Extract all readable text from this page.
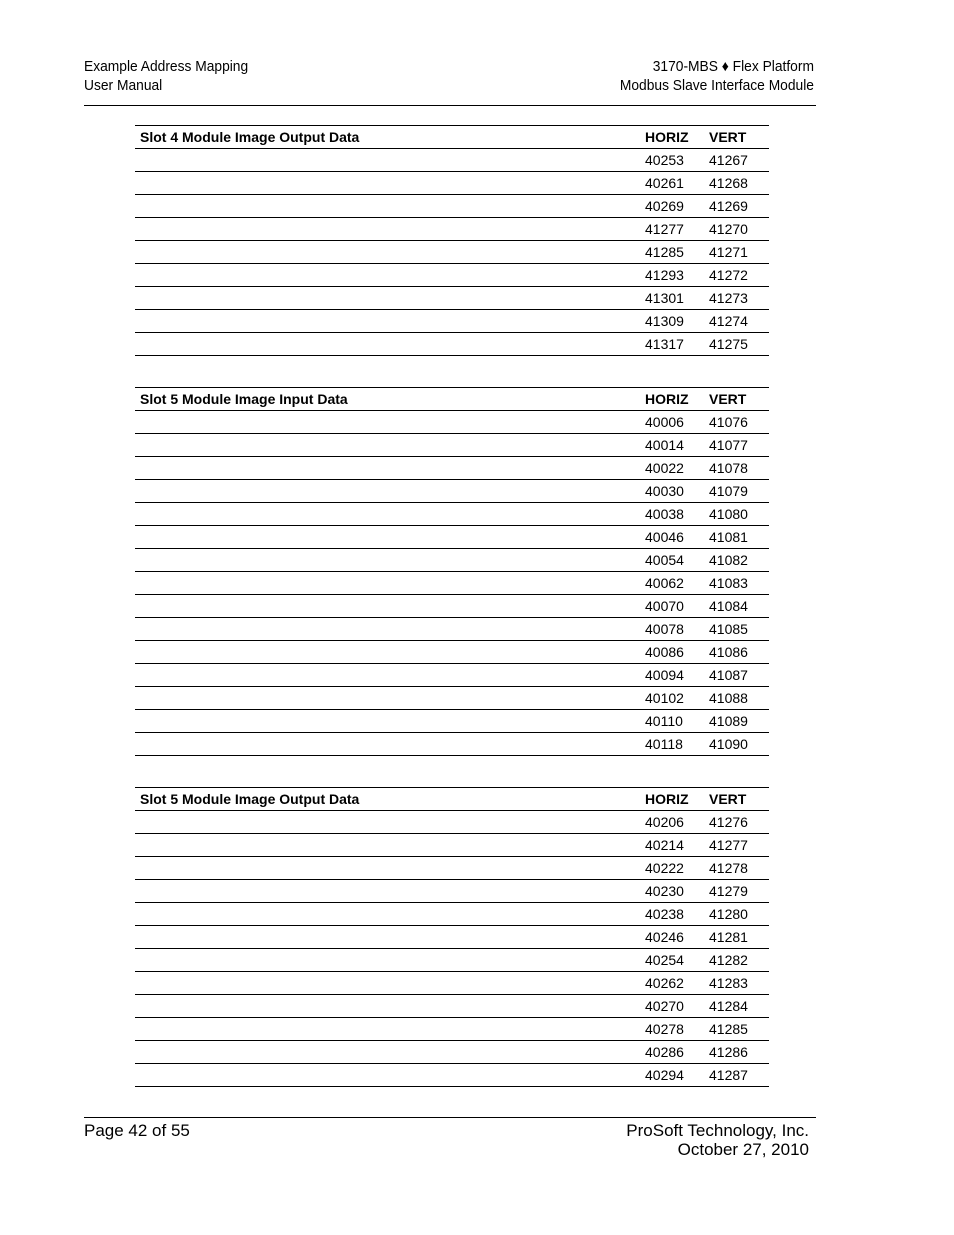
Example Address Mapping
User Manual
3170-MBS ♦ Flex Platform
Modbus Slave Interface Module
Slot 4 Module Image Output Data	HORIZ	VERT
	40253	41267
	40261	41268
	40269	41269
	41277	41270
	41285	41271
	41293	41272
	41301	41273
	41309	41274
	41317	41275
Slot 5 Module Image Input Data	HORIZ	VERT
	40006	41076
	40014	41077
	40022	41078
	40030	41079
	40038	41080
	40046	41081
	40054	41082
	40062	41083
	40070	41084
	40078	41085
	40086	41086
	40094	41087
	40102	41088
	40110	41089
	40118	41090
Slot 5 Module Image Output Data	HORIZ	VERT
	40206	41276
	40214	41277
	40222	41278
	40230	41279
	40238	41280
	40246	41281
	40254	41282
	40262	41283
	40270	41284
	40278	41285
	40286	41286
	40294	41287
Page 42 of 55	ProSoft Technology, Inc.
October 27, 2010
